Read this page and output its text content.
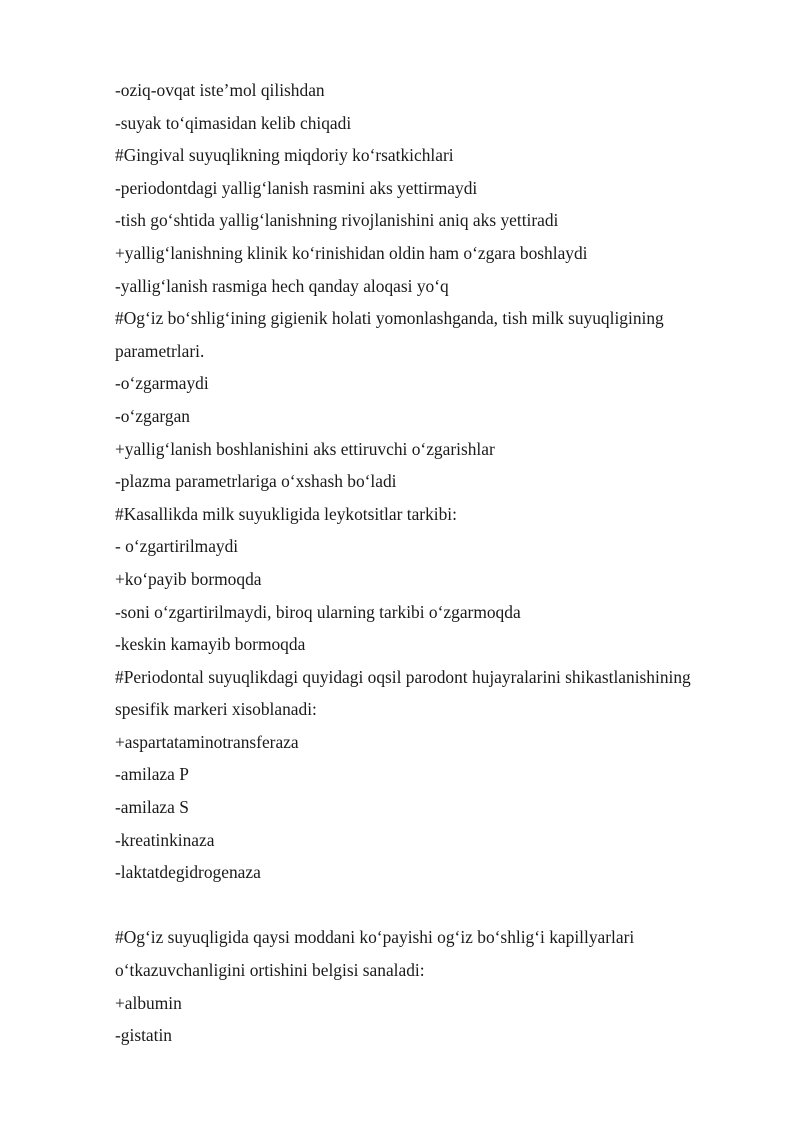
-oziq-ovqat iste’mol qilishdan
-suyak to‘qimasidan kelib chiqadi
#Gingival suyuqlikning miqdoriy ko‘rsatkichlari
-periodontdagi yallig‘lanish rasmini aks yettirmaydi
-tish go‘shtida yallig‘lanishning rivojlanishini aniq aks yettiradi
+yallig‘lanishning klinik ko‘rinishidan oldin ham o‘zgara boshlaydi
-yallig‘lanish rasmiga hech qanday aloqasi yo‘q
#Og‘iz bo‘shlig‘ining gigienik holati yomonlashganda, tish milk suyuqligining
parametrlari.
-o‘zgarmaydi
-o‘zgargan
+yallig‘lanish boshlanishini aks ettiruvchi o‘zgarishlar
-plazma parametrlariga o‘xshash bo‘ladi
#Kasallikda milk suyukligida leykotsitlar tarkibi:
- o‘zgartirilmaydi
+ko‘payib bormoqda
-soni o‘zgartirilmaydi, biroq ularning tarkibi o‘zgarmoqda
-keskin kamayib bormoqda
#Periodontal suyuqlikdagi quyidagi oqsil parodont hujayralarini shikastlanishining
spesifik markeri xisoblanadi:
+aspartataminotransferaza
-amilaza P
-amilaza S
-kreatinkinaza
-laktatdegidrogenaza
#Og‘iz suyuqligida qaysi moddani ko‘payishi og‘iz bo‘shlig‘i kapillyarlari
o‘tkazuvchanligini ortishini belgisi sanaladi:
+albumin
-gistatin
